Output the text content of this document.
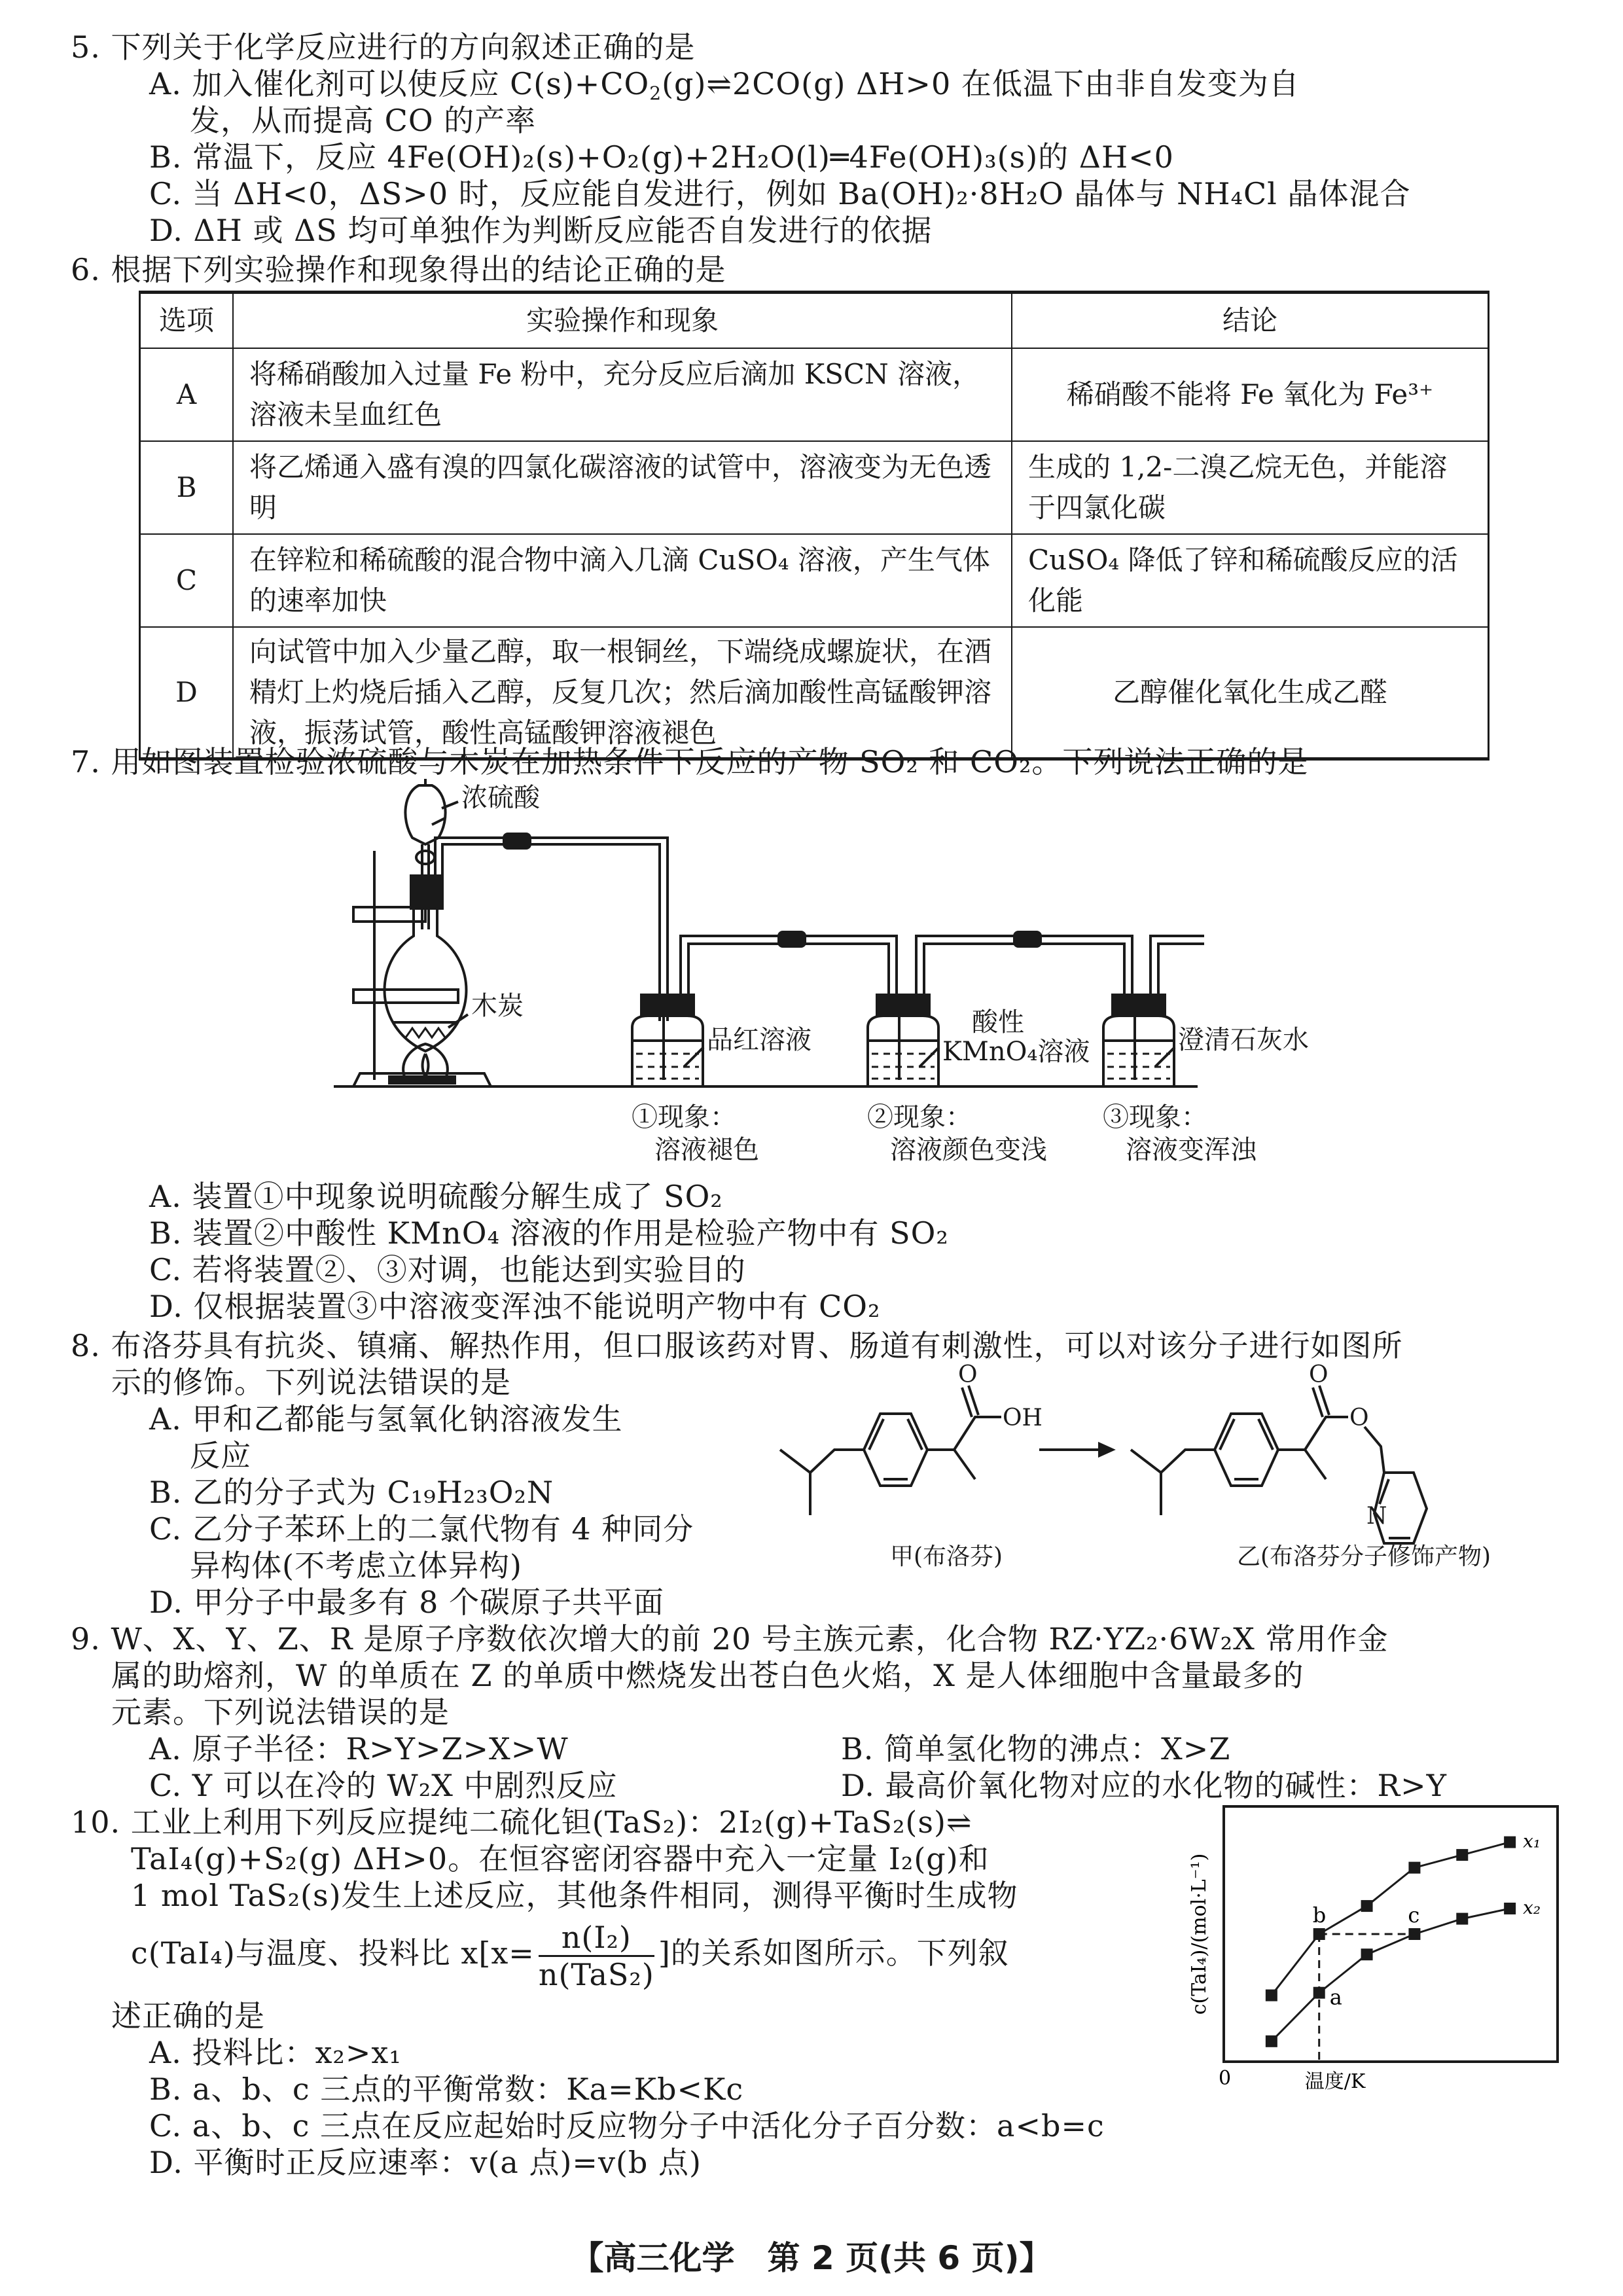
5. 下列关于化学反应进行的方向叙述正确的是
A. 加入催化剂可以使反应 $C(s)+CO_2(g)\rightleftharpoons 2CO(g)$ ΔH>0 在低温下由非自发变为自
发，从而提高 CO 的产率
B. 常温下，反应 4Fe(OH)₂(s)+O₂(g)+2H₂O(l)═4Fe(OH)₃(s)的 ΔH<0
C. 当 ΔH<0，ΔS>0 时，反应能自发进行，例如 Ba(OH)₂·8H₂O 晶体与 NH₄Cl 晶体混合
D. ΔH 或 ΔS 均可单独作为判断反应能否自发进行的依据
6. 根据下列实验操作和现象得出的结论正确的是
选项	实验操作和现象	结论
A	将稀硝酸加入过量 Fe 粉中，充分反应后滴加 KSCN 溶液，溶液未呈血红色	稀硝酸不能将 Fe 氧化为 Fe³⁺
B	将乙烯通入盛有溴的四氯化碳溶液的试管中，溶液变为无色透明	生成的 1,2-二溴乙烷无色，并能溶于四氯化碳
C	在锌粒和稀硫酸的混合物中滴入几滴 CuSO₄ 溶液，产生气体的速率加快	CuSO₄ 降低了锌和稀硫酸反应的活化能
D	向试管中加入少量乙醇，取一根铜丝，下端绕成螺旋状，在酒精灯上灼烧后插入乙醇，反复几次；然后滴加酸性高锰酸钾溶液，振荡试管，酸性高锰酸钾溶液褪色	乙醇催化氧化生成乙醛
7. 用如图装置检验浓硫酸与木炭在加热条件下反应的产物 SO₂ 和 CO₂。下列说法正确的是
浓硫酸
木炭
品红溶液
酸性
KMnO₄溶液	澄清石灰水
①现象：
溶液褪色
②现象：
溶液颜色变浅
③现象：
溶液变浑浊
A. 装置①中现象说明硫酸分解生成了 SO₂
B. 装置②中酸性 KMnO₄ 溶液的作用是检验产物中有 SO₂
C. 若将装置②、③对调，也能达到实验目的
D. 仅根据装置③中溶液变浑浊不能说明产物中有 CO₂
8. 布洛芬具有抗炎、镇痛、解热作用，但口服该药对胃、肠道有刺激性，可以对该分子进行如图所
示的修饰。下列说法错误的是
A. 甲和乙都能与氢氧化钠溶液发生
反应
B. 乙的分子式为 C₁₉H₂₃O₂N
C. 乙分子苯环上的二氯代物有 4 种同分
异构体(不考虑立体异构)
D. 甲分子中最多有 8 个碳原子共平面
O
OH
O
O
N
甲(布洛芬)	乙(布洛芬分子修饰产物)
9. W、X、Y、Z、R 是原子序数依次增大的前 20 号主族元素，化合物 RZ·YZ₂·6W₂X 常用作金
属的助熔剂，W 的单质在 Z 的单质中燃烧发出苍白色火焰，X 是人体细胞中含量最多的
元素。下列说法错误的是
A. 原子半径：R>Y>Z>X>W	B. 简单氢化物的沸点：X>Z
C. Y 可以在冷的 W₂X 中剧烈反应	D. 最高价氧化物对应的水化物的碱性：R>Y
10. 工业上利用下列反应提纯二硫化钽(TaS₂)：2I₂(g)+TaS₂(s)⇌
TaI₄(g)+S₂(g) ΔH>0。在恒容密闭容器中充入一定量 I₂(g)和
1 mol TaS₂(s)发生上述反应，其他条件相同，测得平衡时生成物
c(TaI₄)与温度、投料比 $x[x= \frac{\text{n(I₂)}}{\text{n(TaS₂)}}$ ]的关系如图所示。下列叙
述正确的是
A. 投料比：x₂>x₁
B. a、b、c 三点的平衡常数：Ka=Kb<Kc
C. a、b、c 三点在反应起始时反应物分子中活化分子百分数：a<b=c
D. 平衡时正反应速率：v(a 点)=v(b 点)
c(TaI₄)/(mol·L⁻¹)
温度/K
0
x₁
x₂
a
b	c
【高三化学　第 2 页(共 6 页)】
